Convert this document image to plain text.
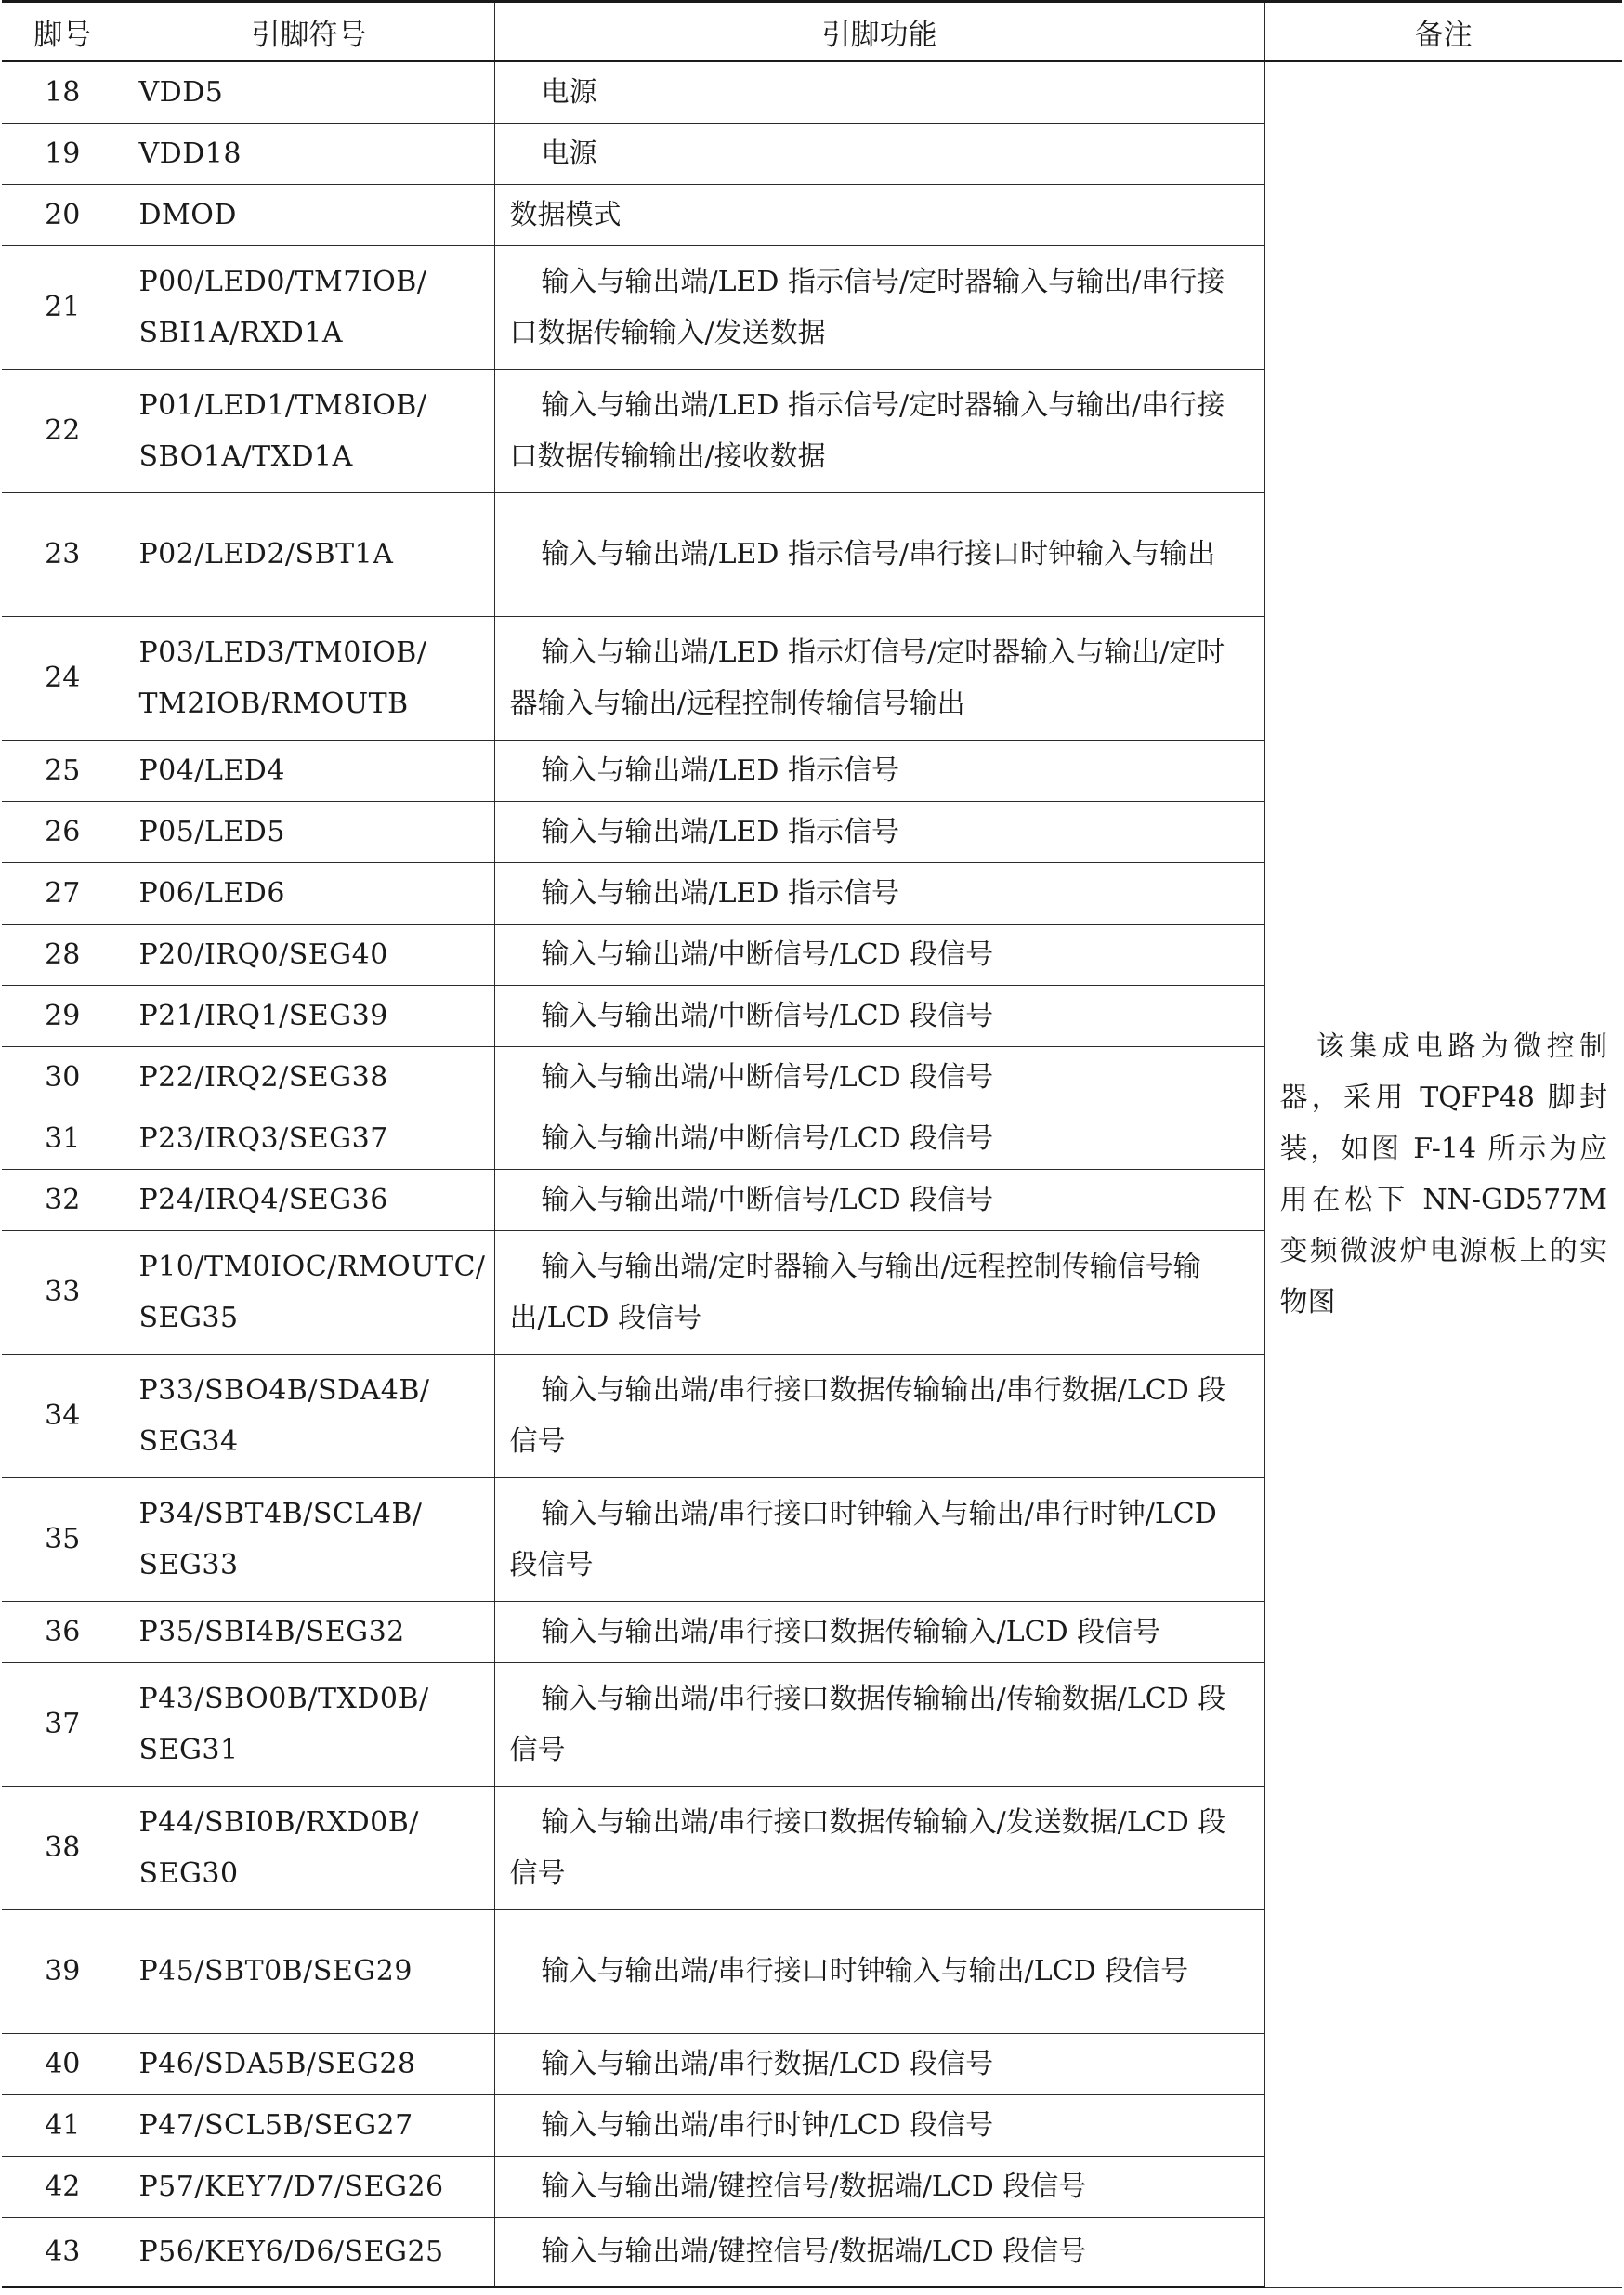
脚号	引脚符号	引脚功能	备注
18	VDD5	电源	该集成电路为微控制器，采用 TQFP48 脚封装，如图 F-14 所示为应用在松下 NN-GD577M 变频微波炉电源板上的实物图
19	VDD18	电源	
20	DMOD	数据模式	
21	P00/LED0/TM7IOB/
SBI1A/RXD1A	输入与输出端/LED 指示信号/定时器输入与输出/串行接口数据传输输入/发送数据	
22	P01/LED1/TM8IOB/
SBO1A/TXD1A	输入与输出端/LED 指示信号/定时器输入与输出/串行接口数据传输输出/接收数据	
23	P02/LED2/SBT1A	输入与输出端/LED 指示信号/串行接口时钟输入与输出	
24	P03/LED3/TM0IOB/
TM2IOB/RMOUTB	输入与输出端/LED 指示灯信号/定时器输入与输出/定时器输入与输出/远程控制传输信号输出	
25	P04/LED4	输入与输出端/LED 指示信号	
26	P05/LED5	输入与输出端/LED 指示信号	
27	P06/LED6	输入与输出端/LED 指示信号	
28	P20/IRQ0/SEG40	输入与输出端/中断信号/LCD 段信号	
29	P21/IRQ1/SEG39	输入与输出端/中断信号/LCD 段信号	
30	P22/IRQ2/SEG38	输入与输出端/中断信号/LCD 段信号	
31	P23/IRQ3/SEG37	输入与输出端/中断信号/LCD 段信号	
32	P24/IRQ4/SEG36	输入与输出端/中断信号/LCD 段信号	
33	P10/TM0IOC/RMOUTC/
SEG35	输入与输出端/定时器输入与输出/远程控制传输信号输出/LCD 段信号	
34	P33/SBO4B/SDA4B/
SEG34	输入与输出端/串行接口数据传输输出/串行数据/LCD 段信号	
35	P34/SBT4B/SCL4B/
SEG33	输入与输出端/串行接口时钟输入与输出/串行时钟/LCD 段信号	
36	P35/SBI4B/SEG32	输入与输出端/串行接口数据传输输入/LCD 段信号	
37	P43/SBO0B/TXD0B/
SEG31	输入与输出端/串行接口数据传输输出/传输数据/LCD 段信号	
38	P44/SBI0B/RXD0B/
SEG30	输入与输出端/串行接口数据传输输入/发送数据/LCD 段信号	
39	P45/SBT0B/SEG29	输入与输出端/串行接口时钟输入与输出/LCD 段信号	
40	P46/SDA5B/SEG28	输入与输出端/串行数据/LCD 段信号	
41	P47/SCL5B/SEG27	输入与输出端/串行时钟/LCD 段信号	
42	P57/KEY7/D7/SEG26	输入与输出端/键控信号/数据端/LCD 段信号	
43	P56/KEY6/D6/SEG25	输入与输出端/键控信号/数据端/LCD 段信号	
